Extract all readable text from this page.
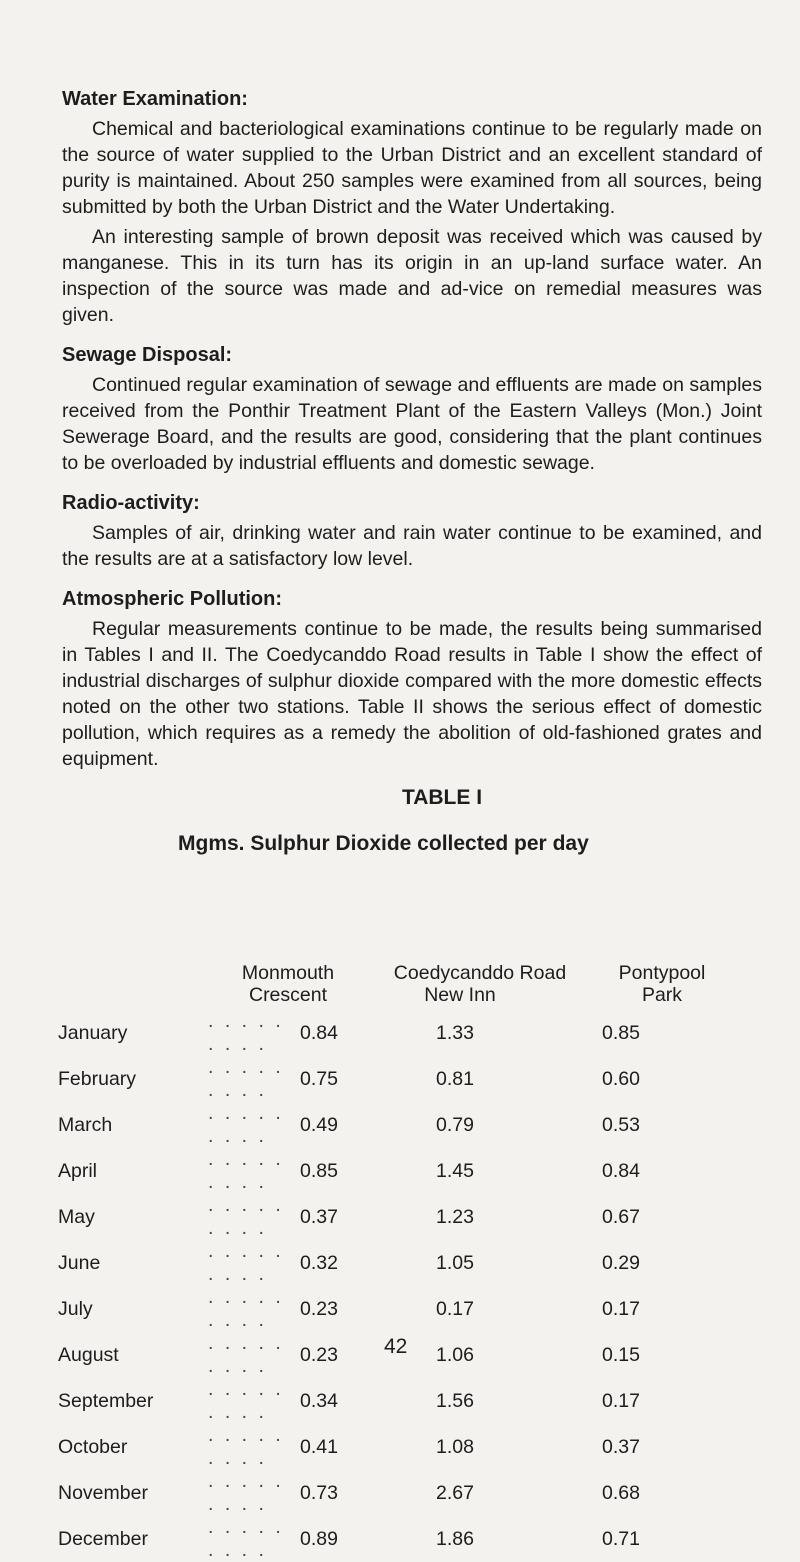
Water Examination:

Chemical and bacteriological examinations continue to be regularly made on the source of water supplied to the Urban District and an excellent standard of purity is maintained. About 250 samples were examined from all sources, being submitted by both the Urban District and the Water Undertaking.

An interesting sample of brown deposit was received which was caused by manganese. This in its turn has its origin in an up-land surface water. An inspection of the source was made and ad-vice on remedial measures was given.

Sewage Disposal:

Continued regular examination of sewage and effluents are made on samples received from the Ponthir Treatment Plant of the Eastern Valleys (Mon.) Joint Sewerage Board, and the results are good, considering that the plant continues to be overloaded by industrial effluents and domestic sewage.

Radio-activity:

Samples of air, drinking water and rain water continue to be examined, and the results are at a satisfactory low level.

Atmospheric Pollution:

Regular measurements continue to be made, the results being summarised in Tables I and II. The Coedycanddo Road results in Table I show the effect of industrial discharges of sulphur dioxide compared with the more domestic effects noted on the other two stations. Table II shows the serious effect of domestic pollution, which requires as a remedy the abolition of old-fashioned grates and equipment.

TABLE I
Mgms. Sulphur Dioxide collected per day
Monmouth
Crescent
Coedycanddo Road
New Inn
Pontypool
Park
January	. . . . . . . . .	0.84	1.33	0.85
February	. . . . . . . . .	0.75	0.81	0.60
March	. . . . . . . . .	0.49	0.79	0.53
April	. . . . . . . . .	0.85	1.45	0.84
May	. . . . . . . . .	0.37	1.23	0.67
June	. . . . . . . . .	0.32	1.05	0.29
July	. . . . . . . . .	0.23	0.17	0.17
August	. . . . . . . . .	0.23	1.06	0.15
September	. . . . . . . . .	0.34	1.56	0.17
October	. . . . . . . . .	0.41	1.08	0.37
November	. . . . . . . . .	0.73	2.67	0.68
December	. . . . . . . . .	0.89	1.86	0.71
42
